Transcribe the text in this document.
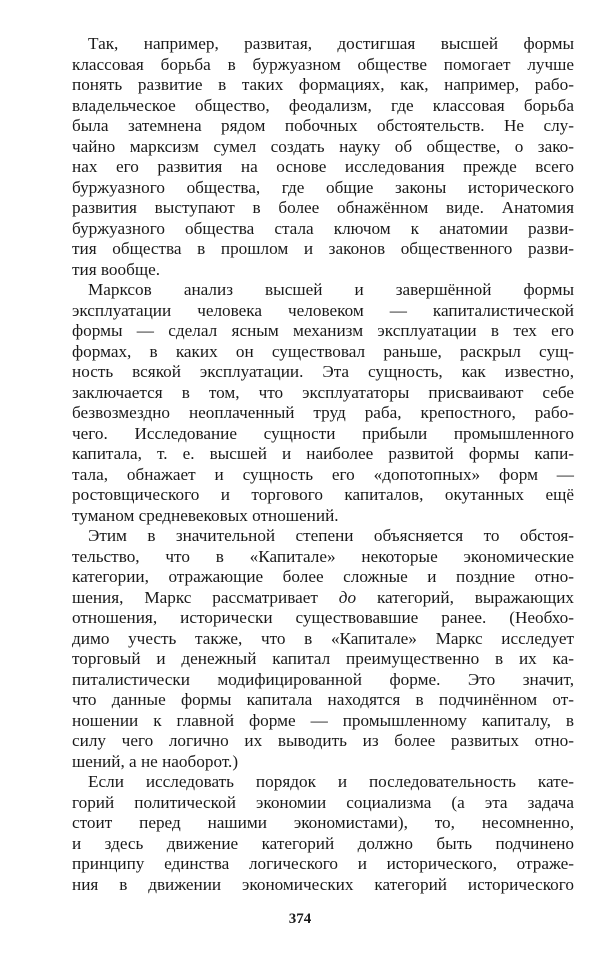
Так, например, развитая, достигшая высшей формы
классовая борьба в буржуазном обществе помогает лучше
понять развитие в таких формациях, как, например, рабо-
владельческое общество, феодализм, где классовая борьба
была затемнена рядом побочных обстоятельств. Не слу-
чайно марксизм сумел создать науку об обществе, о зако-
нах его развития на основе исследования прежде всего
буржуазного общества, где общие законы исторического
развития выступают в более обнажённом виде. Анатомия
буржуазного общества стала ключом к анатомии разви-
тия общества в прошлом и законов общественного разви-
тия вообще.
Марксов анализ высшей и завершённой формы
эксплуатации человека человеком — капиталистической
формы — сделал ясным механизм эксплуатации в тех его
формах, в каких он существовал раньше, раскрыл сущ-
ность всякой эксплуатации. Эта сущность, как известно,
заключается в том, что эксплуататоры присваивают себе
безвозмездно неоплаченный труд раба, крепостного, рабо-
чего. Исследование сущности прибыли промышленного
капитала, т. е. высшей и наиболее развитой формы капи-
тала, обнажает и сущность его «допотопных» форм —
ростовщического и торгового капиталов, окутанных ещё
туманом средневековых отношений.
Этим в значительной степени объясняется то обстоя-
тельство, что в «Капитале» некоторые экономические
категории, отражающие более сложные и поздние отно-
шения, Маркс рассматривает до категорий, выражающих
отношения, исторически существовавшие ранее. (Необхо-
димо учесть также, что в «Капитале» Маркс исследует
торговый и денежный капитал преимущественно в их ка-
питалистически модифицированной форме. Это значит,
что данные формы капитала находятся в подчинённом от-
ношении к главной форме — промышленному капиталу, в
силу чего логично их выводить из более развитых отно-
шений, а не наоборот.)
Если исследовать порядок и последовательность кате-
горий политической экономии социализма (а эта задача
стоит перед нашими экономистами), то, несомненно,
и здесь движение категорий должно быть подчинено
принципу единства логического и исторического, отраже-
ния в движении экономических категорий исторического
374
